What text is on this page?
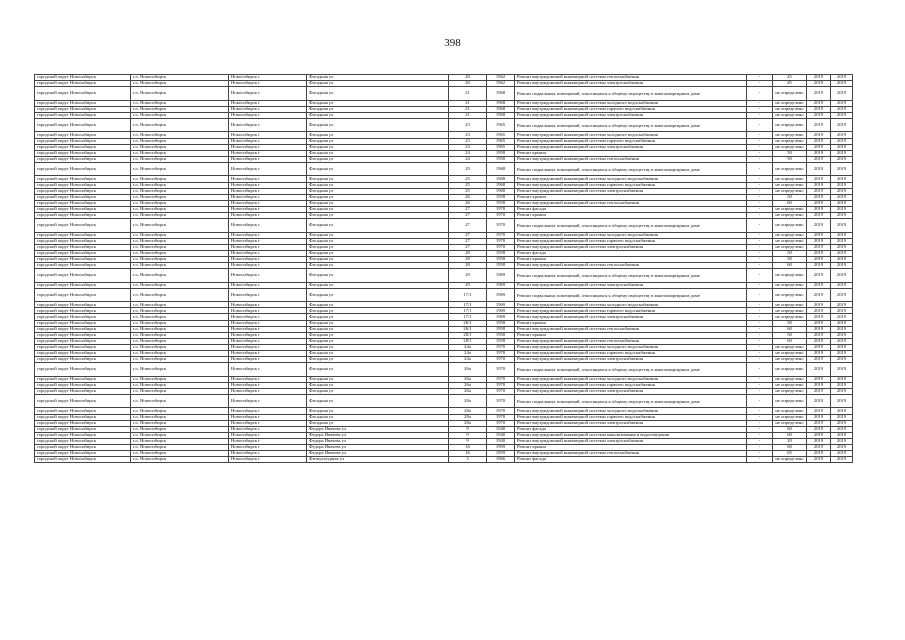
398
городской округ Новосибирск	г.о. Новосибирск	Новосибирск г	Фасадная ул	20	1962	Ремонт внутридомовой инженерной системы теплоснабжения	-	45	2019	2019
городской округ Новосибирск	г.о. Новосибирск	Новосибирск г	Фасадная ул	20	1962	Ремонт внутридомовой инженерной системы электроснабжения	-	45	2019	2019
городской округ Новосибирск	г.о. Новосибирск	Новосибирск г	Фасадная ул	21	1968	Ремонт подвальных помещений, относящихся к общему имуществу в многоквартирном доме	-	не определено	2019	2019
городской округ Новосибирск	г.о. Новосибирск	Новосибирск г	Фасадная ул	21	1968	Ремонт внутридомовой инженерной системы холодного водоснабжения	-	не определено	2019	2019
городской округ Новосибирск	г.о. Новосибирск	Новосибирск г	Фасадная ул	21	1968	Ремонт внутридомовой инженерной системы горячего водоснабжения	-	не определено	2019	2019
городской округ Новосибирск	г.о. Новосибирск	Новосибирск г	Фасадная ул	21	1968	Ремонт внутридомовой инженерной системы электроснабжения	-	не определено	2019	2019
городской округ Новосибирск	г.о. Новосибирск	Новосибирск г	Фасадная ул	23	1965	Ремонт подвальных помещений, относящихся к общему имуществу в многоквартирном доме	-	не определено	2019	2019
городской округ Новосибирск	г.о. Новосибирск	Новосибирск г	Фасадная ул	23	1965	Ремонт внутридомовой инженерной системы холодного водоснабжения	-	не определено	2019	2019
городской округ Новосибирск	г.о. Новосибирск	Новосибирск г	Фасадная ул	23	1965	Ремонт внутридомовой инженерной системы горячего водоснабжения	-	не определено	2019	2019
городской округ Новосибирск	г.о. Новосибирск	Новосибирск г	Фасадная ул	23	1965	Ремонт внутридомовой инженерной системы электроснабжения	-	не определено	2019	2019
городской округ Новосибирск	г.о. Новосибирск	Новосибирск г	Фасадная ул	24	1958	Ремонт крыши	-	50	2019	2019
городской округ Новосибирск	г.о. Новосибирск	Новосибирск г	Фасадная ул	24	1958	Ремонт внутридомовой инженерной системы теплоснабжения	-	50	2019	2019
городской округ Новосибирск	г.о. Новосибирск	Новосибирск г	Фасадная ул	25	1968	Ремонт подвальных помещений, относящихся к общему имуществу в многоквартирном доме	-	не определено	2019	2019
городской округ Новосибирск	г.о. Новосибирск	Новосибирск г	Фасадная ул	25	1968	Ремонт внутридомовой инженерной системы холодного водоснабжения	-	не определено	2019	2019
городской округ Новосибирск	г.о. Новосибирск	Новосибирск г	Фасадная ул	25	1968	Ремонт внутридомовой инженерной системы горячего водоснабжения	-	не определено	2019	2019
городской округ Новосибирск	г.о. Новосибирск	Новосибирск г	Фасадная ул	25	1968	Ремонт внутридомовой инженерной системы электроснабжения	-	не определено	2019	2019
городской округ Новосибирск	г.о. Новосибирск	Новосибирск г	Фасадная ул	26	1958	Ремонт крыши	-	50	2019	2019
городской округ Новосибирск	г.о. Новосибирск	Новосибирск г	Фасадная ул	26	1958	Ремонт внутридомовой инженерной системы теплоснабжения	-	60	2019	2019
городской округ Новосибирск	г.о. Новосибирск	Новосибирск г	Фасадная ул	27	1970	Ремонт фасада	-	не определено	2019	2019
городской округ Новосибирск	г.о. Новосибирск	Новосибирск г	Фасадная ул	27	1970	Ремонт крыши	-	не определено	2019	2019
городской округ Новосибирск	г.о. Новосибирск	Новосибирск г	Фасадная ул	27	1970	Ремонт подвальных помещений, относящихся к общему имуществу в многоквартирном доме	-	не определено	2019	2019
городской округ Новосибирск	г.о. Новосибирск	Новосибирск г	Фасадная ул	27	1970	Ремонт внутридомовой инженерной системы холодного водоснабжения	-	не определено	2019	2019
городской округ Новосибирск	г.о. Новосибирск	Новосибирск г	Фасадная ул	27	1970	Ремонт внутридомовой инженерной системы горячего водоснабжения	-	не определено	2019	2019
городской округ Новосибирск	г.о. Новосибирск	Новосибирск г	Фасадная ул	27	1970	Ремонт внутридомовой инженерной системы электроснабжения	-	не определено	2019	2019
городской округ Новосибирск	г.о. Новосибирск	Новосибирск г	Фасадная ул	28	1958	Ремонт фасада	-	50	2019	2019
городской округ Новосибирск	г.о. Новосибирск	Новосибирск г	Фасадная ул	28	1958	Ремонт крыши	-	50	2019	2019
городской округ Новосибирск	г.о. Новосибирск	Новосибирск г	Фасадная ул	28	1958	Ремонт внутридомовой инженерной системы теплоснабжения	-	60	2019	2019
городской округ Новосибирск	г.о. Новосибирск	Новосибирск г	Фасадная ул	29	1969	Ремонт подвальных помещений, относящихся к общему имуществу в многоквартирном доме	-	не определено	2019	2019
городской округ Новосибирск	г.о. Новосибирск	Новосибирск г	Фасадная ул	29	1969	Ремонт внутридомовой инженерной системы электроснабжения	-	не определено	2019	2019
городской округ Новосибирск	г.о. Новосибирск	Новосибирск г	Фасадная ул	17/1	1969	Ремонт подвальных помещений, относящихся к общему имуществу в многоквартирном доме	-	не определено	2019	2019
городской округ Новосибирск	г.о. Новосибирск	Новосибирск г	Фасадная ул	17/1	1969	Ремонт внутридомовой инженерной системы холодного водоснабжения	-	не определено	2019	2019
городской округ Новосибирск	г.о. Новосибирск	Новосибирск г	Фасадная ул	17/1	1969	Ремонт внутридомовой инженерной системы горячего водоснабжения	-	не определено	2019	2019
городской округ Новосибирск	г.о. Новосибирск	Новосибирск г	Фасадная ул	17/1	1969	Ремонт внутридомовой инженерной системы электроснабжения	-	не определено	2019	2019
городской округ Новосибирск	г.о. Новосибирск	Новосибирск г	Фасадная ул	26/1	1958	Ремонт крыши	-	50	2019	2019
городской округ Новосибирск	г.о. Новосибирск	Новосибирск г	Фасадная ул	26/1	1958	Ремонт внутридомовой инженерной системы теплоснабжения	-	60	2019	2019
городской округ Новосибирск	г.о. Новосибирск	Новосибирск г	Фасадная ул	28/1	1958	Ремонт крыши	-	50	2019	2019
городской округ Новосибирск	г.о. Новосибирск	Новосибирск г	Фасадная ул	28/1	1958	Ремонт внутридомовой инженерной системы теплоснабжения	-	60	2019	2019
городской округ Новосибирск	г.о. Новосибирск	Новосибирск г	Фасадная ул	24а	1970	Ремонт внутридомовой инженерной системы холодного водоснабжения	-	не определено	2019	2019
городской округ Новосибирск	г.о. Новосибирск	Новосибирск г	Фасадная ул	24а	1970	Ремонт внутридомовой инженерной системы горячего водоснабжения	-	не определено	2019	2019
городской округ Новосибирск	г.о. Новосибирск	Новосибирск г	Фасадная ул	24а	1970	Ремонт внутридомовой инженерной системы электроснабжения	-	не определено	2019	2019
городской округ Новосибирск	г.о. Новосибирск	Новосибирск г	Фасадная ул	26а	1970	Ремонт подвальных помещений, относящихся к общему имуществу в многоквартирном доме	-	не определено	2019	2019
городской округ Новосибирск	г.о. Новосибирск	Новосибирск г	Фасадная ул	26а	1970	Ремонт внутридомовой инженерной системы холодного водоснабжения	-	не определено	2019	2019
городской округ Новосибирск	г.о. Новосибирск	Новосибирск г	Фасадная ул	26а	1970	Ремонт внутридомовой инженерной системы горячего водоснабжения	-	не определено	2019	2019
городской округ Новосибирск	г.о. Новосибирск	Новосибирск г	Фасадная ул	26а	1970	Ремонт внутридомовой инженерной системы электроснабжения	-	не определено	2019	2019
городской округ Новосибирск	г.о. Новосибирск	Новосибирск г	Фасадная ул	28а	1970	Ремонт подвальных помещений, относящихся к общему имуществу в многоквартирном доме	-	не определено	2019	2019
городской округ Новосибирск	г.о. Новосибирск	Новосибирск г	Фасадная ул	28а	1970	Ремонт внутридомовой инженерной системы холодного водоснабжения	-	не определено	2019	2019
городской округ Новосибирск	г.о. Новосибирск	Новосибирск г	Фасадная ул	28а	1970	Ремонт внутридомовой инженерной системы горячего водоснабжения	-	не определено	2019	2019
городской округ Новосибирск	г.о. Новосибирск	Новосибирск г	Фасадная ул	28а	1970	Ремонт внутридомовой инженерной системы электроснабжения	-	не определено	2019	2019
городской округ Новосибирск	г.о. Новосибирск	Новосибирск г	Федора Ивачева ул	9	1940	Ремонт фасада	-	60	2019	2019
городской округ Новосибирск	г.о. Новосибирск	Новосибирск г	Федора Ивачева ул	9	1940	Ремонт внутридомовой инженерной системы канализования и водоотведения	-	60	2019	2019
городской округ Новосибирск	г.о. Новосибирск	Новосибирск г	Федора Ивачева ул	9	1940	Ремонт внутридомовой инженерной системы электроснабжения	-	20	2019	2019
городской округ Новосибирск	г.о. Новосибирск	Новосибирск г	Федора Ивачева ул	16	1959	Ремонт крыши	-	60	2019	2019
городской округ Новосибирск	г.о. Новосибирск	Новосибирск г	Федора Ивачева ул	16	1959	Ремонт внутридомовой инженерной системы теплоснабжения	-	65	2019	2019
городской округ Новосибирск	г.о. Новосибирск	Новосибирск г	Физкультурная ул	3	1966	Ремонт фасада	-	не определено	2019	2019
